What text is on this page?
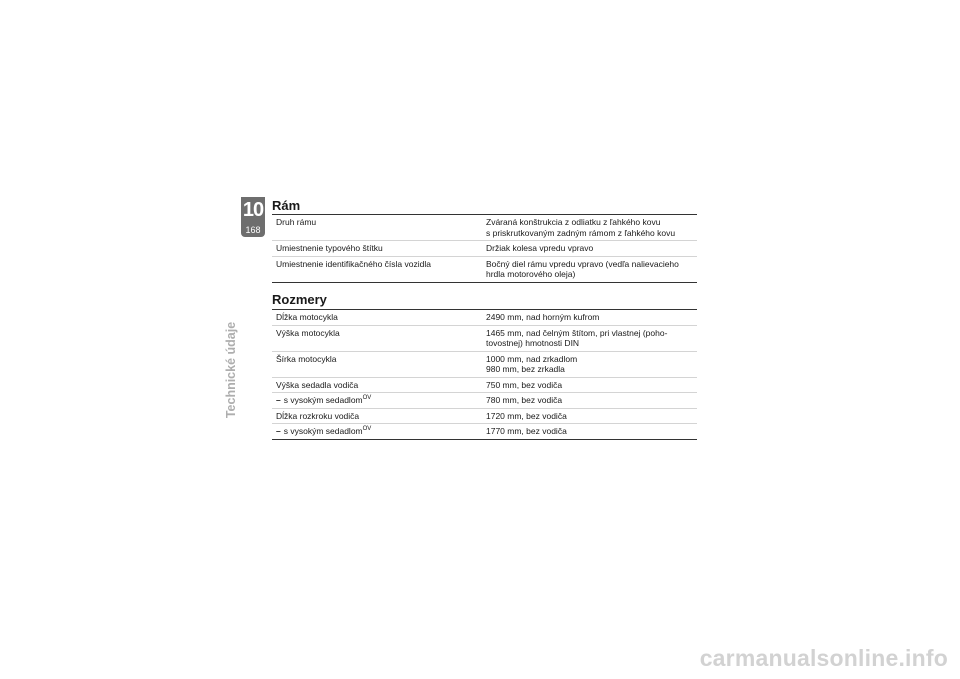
10
168
Technické údaje
Rám
Druh rámu	Zváraná konštrukcia z odliatku z ľahkého kovu
s priskrutkovaným zadným rámom z ľahkého kovu
Umiestnenie typového štítku	Držiak kolesa vpredu vpravo
Umiestnenie identifikačného čísla vozidla	Bočný diel rámu vpredu vpravo (vedľa nalievacieho
hrdla motorového oleja)
Rozmery
Dĺžka motocykla	2490 mm, nad horným kufrom
Výška motocykla	1465 mm, nad čelným štítom, pri vlastnej (poho-
tovostnej) hmotnosti DIN
Šírka motocykla	1000 mm, nad zrkadlom
980 mm, bez zrkadla
Výška sedadla vodiča	750 mm, bez vodiča
– s vysokým sedadlom$^{OV}$	780 mm, bez vodiča
Dĺžka rozkroku vodiča	1720 mm, bez vodiča
– s vysokým sedadlom$^{OV}$	1770 mm, bez vodiča
carmanualsonline.info
